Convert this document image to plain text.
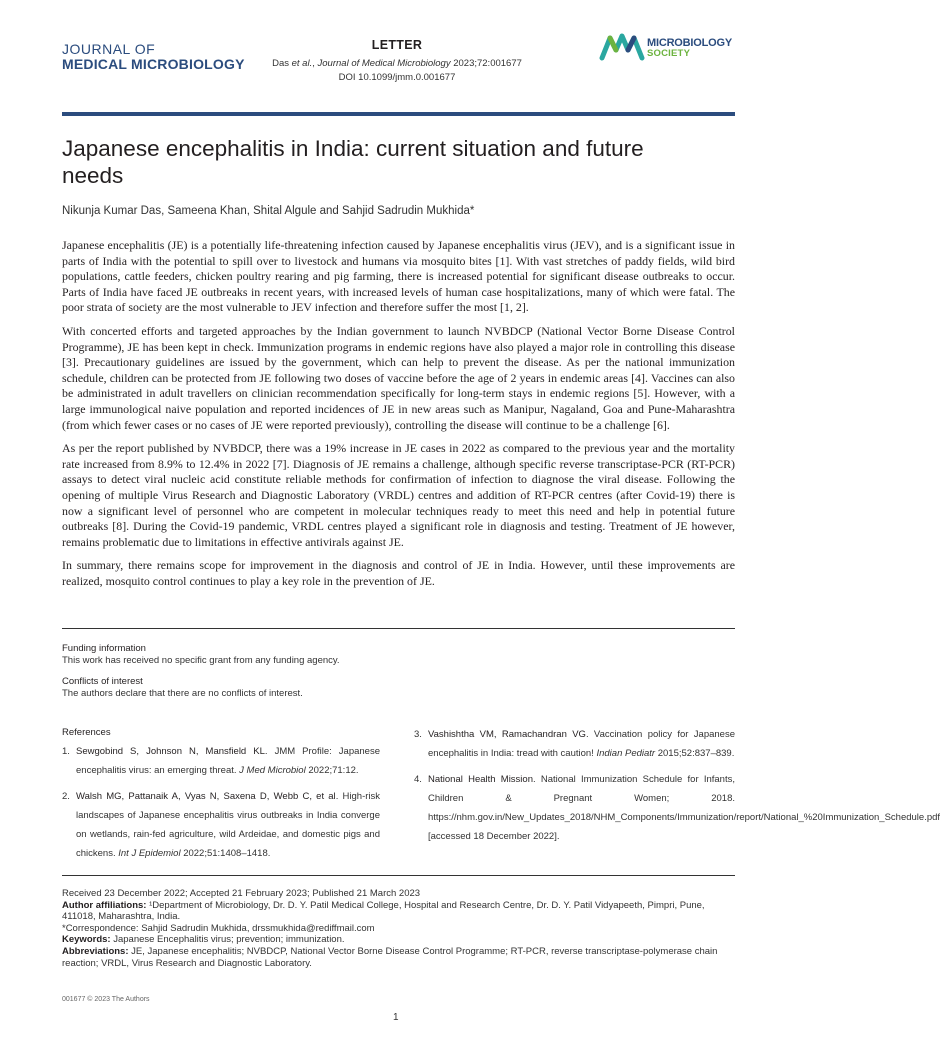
JOURNAL OF
MEDICAL MICROBIOLOGY
LETTER
Das et al., Journal of Medical Microbiology 2023;72:001677
DOI 10.1099/jmm.0.001677
MICROBIOLOGY
SOCIETY
Japanese encephalitis in India: current situation and future needs
Nikunja Kumar Das, Sameena Khan, Shital Algule and Sahjid Sadrudin Mukhida*

Japanese encephalitis (JE) is a potentially life-threatening infection caused by Japanese encephalitis virus (JEV), and is a significant issue in parts of India with the potential to spill over to livestock and humans via mosquito bites [1]. With vast stretches of paddy fields, wild bird populations, cattle feeders, chicken poultry rearing and pig farming, there is increased potential for significant disease outbreaks to occur. Parts of India have faced JE outbreaks in recent years, with increased levels of human case hospitalizations, many of which were fatal. The poor strata of society are the most vulnerable to JEV infection and therefore suffer the most [1, 2].

With concerted efforts and targeted approaches by the Indian government to launch NVBDCP (National Vector Borne Disease Control Programme), JE has been kept in check. Immunization programs in endemic regions have also played a major role in controlling this disease [3]. Precautionary guidelines are issued by the government, which can help to prevent the disease. As per the national immunization schedule, children can be protected from JE following two doses of vaccine before the age of 2 years in endemic areas [4]. Vaccines can also be administrated in adult travellers on clinician recommendation specifically for long-term stays in endemic regions [5]. However, with a large immunological naive population and reported incidences of JE in new areas such as Manipur, Nagaland, Goa and Pune-Maharashtra (from which fewer cases or no cases of JE were reported previously), controlling the disease will continue to be a challenge [6].

As per the report published by NVBDCP, there was a 19% increase in JE cases in 2022 as compared to the previous year and the mortality rate increased from 8.9% to 12.4% in 2022 [7]. Diagnosis of JE remains a challenge, although specific reverse transcriptase-PCR (RT-PCR) assays to detect viral nucleic acid constitute reliable methods for confirmation of infection to diagnose the viral disease. Following the opening of multiple Virus Research and Diagnostic Laboratory (VRDL) centres and addition of RT-PCR centres (after Covid-19) there is now a significant level of personnel who are competent in molecular techniques ready to meet this need and help in potential future outbreaks [8]. During the Covid-19 pandemic, VRDL centres played a significant role in diagnosis and testing. Treatment of JE however, remains problematic due to limitations in effective antivirals against JE.

In summary, there remains scope for improvement in the diagnosis and control of JE in India. However, until these improvements are realized, mosquito control continues to play a key role in the prevention of JE.

Funding information
This work has received no specific grant from any funding agency.
Conflicts of interest
The authors declare that there are no conflicts of interest.
References
1. Sewgobind S, Johnson N, Mansfield KL. JMM Profile: Japanese encephalitis virus: an emerging threat. J Med Microbiol 2022;71:12.
2. Walsh MG, Pattanaik A, Vyas N, Saxena D, Webb C, et al. High-risk landscapes of Japanese encephalitis virus outbreaks in India converge on wetlands, rain-fed agriculture, wild Ardeidae, and domestic pigs and chickens. Int J Epidemiol 2022;51:1408–1418.
3. Vashishtha VM, Ramachandran VG. Vaccination policy for Japanese encephalitis in India: tread with caution! Indian Pediatr 2015;52:837–839.
4. National Health Mission. National Immunization Schedule for Infants, Children & Pregnant Women; 2018. https://nhm.gov.in/New_Updates_2018/NHM_Components/Immunization/report/National_%20Immunization_Schedule.pdf [accessed 18 December 2022].
Received 23 December 2022; Accepted 21 February 2023; Published 21 March 2023
Author affiliations: ¹Department of Microbiology, Dr. D. Y. Patil Medical College, Hospital and Research Centre, Dr. D. Y. Patil Vidyapeeth, Pimpri, Pune, 411018, Maharashtra, India.
*Correspondence: Sahjid Sadrudin Mukhida, drssmukhida@rediffmail.com
Keywords: Japanese Encephalitis virus; prevention; immunization.
Abbreviations: JE, Japanese encephalitis; NVBDCP, National Vector Borne Disease Control Programme; RT-PCR, reverse transcriptase-polymerase chain reaction; VRDL, Virus Research and Diagnostic Laboratory.
001677 © 2023 The Authors
1
